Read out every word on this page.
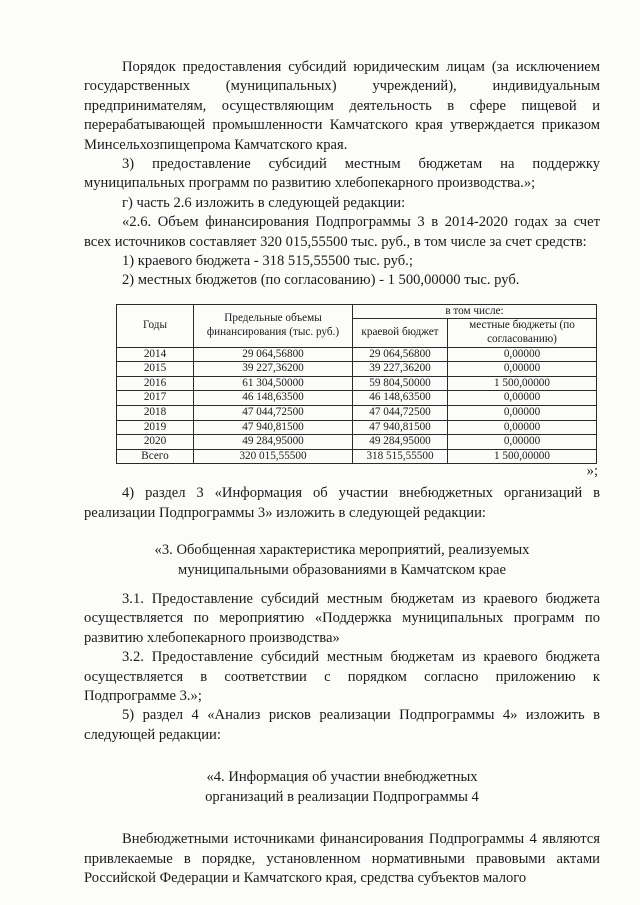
Порядок предоставления субсидий юридическим лицам (за исключением государственных (муниципальных) учреждений), индивидуальным предпринимателям, осуществляющим деятельность в сфере пищевой и перерабатывающей промышленности Камчатского края утверждается приказом Минсельхозпищепрома Камчатского края.

3) предоставление субсидий местным бюджетам на поддержку муниципальных программ по развитию хлебопекарного производства.»;

г) часть 2.6 изложить в следующей редакции:

«2.6. Объем финансирования Подпрограммы 3 в 2014-2020 годах за счет всех источников составляет 320 015,55500 тыс. руб., в том числе за счет средств:

1) краевого бюджета - 318 515,55500 тыс. руб.;

2) местных бюджетов (по согласованию) - 1 500,00000 тыс. руб.

Годы	Предельные объемы финансирования (тыс. руб.)	в том числе:	
		краевой бюджет	местные бюджеты (по согласованию)
2014	29 064,56800	29 064,56800	0,00000
2015	39 227,36200	39 227,36200	0,00000
2016	61 304,50000	59 804,50000	1 500,00000
2017	46 148,63500	46 148,63500	0,00000
2018	47 044,72500	47 044,72500	0,00000
2019	47 940,81500	47 940,81500	0,00000
2020	49 284,95000	49 284,95000	0,00000
Всего	320 015,55500	318 515,55500	1 500,00000

»;

4) раздел 3 «Информация об участии внебюджетных организаций в реализации Подпрограммы 3» изложить в следующей редакции:

«3. Обобщенная характеристика мероприятий, реализуемых муниципальными образованиями в Камчатском крае

3.1. Предоставление субсидий местным бюджетам из краевого бюджета осуществляется по мероприятию «Поддержка муниципальных программ по развитию хлебопекарного производства»

3.2. Предоставление субсидий местным бюджетам из краевого бюджета осуществляется в соответствии с порядком согласно приложению к Подпрограмме 3.»;

5) раздел 4 «Анализ рисков реализации Подпрограммы 4» изложить в следующей редакции:

«4. Информация об участии внебюджетных

организаций в реализации Подпрограммы 4

Внебюджетными источниками финансирования Подпрограммы 4 являются привлекаемые в порядке, установленном нормативными правовыми актами Российской Федерации и Камчатского края, средства субъектов малого
